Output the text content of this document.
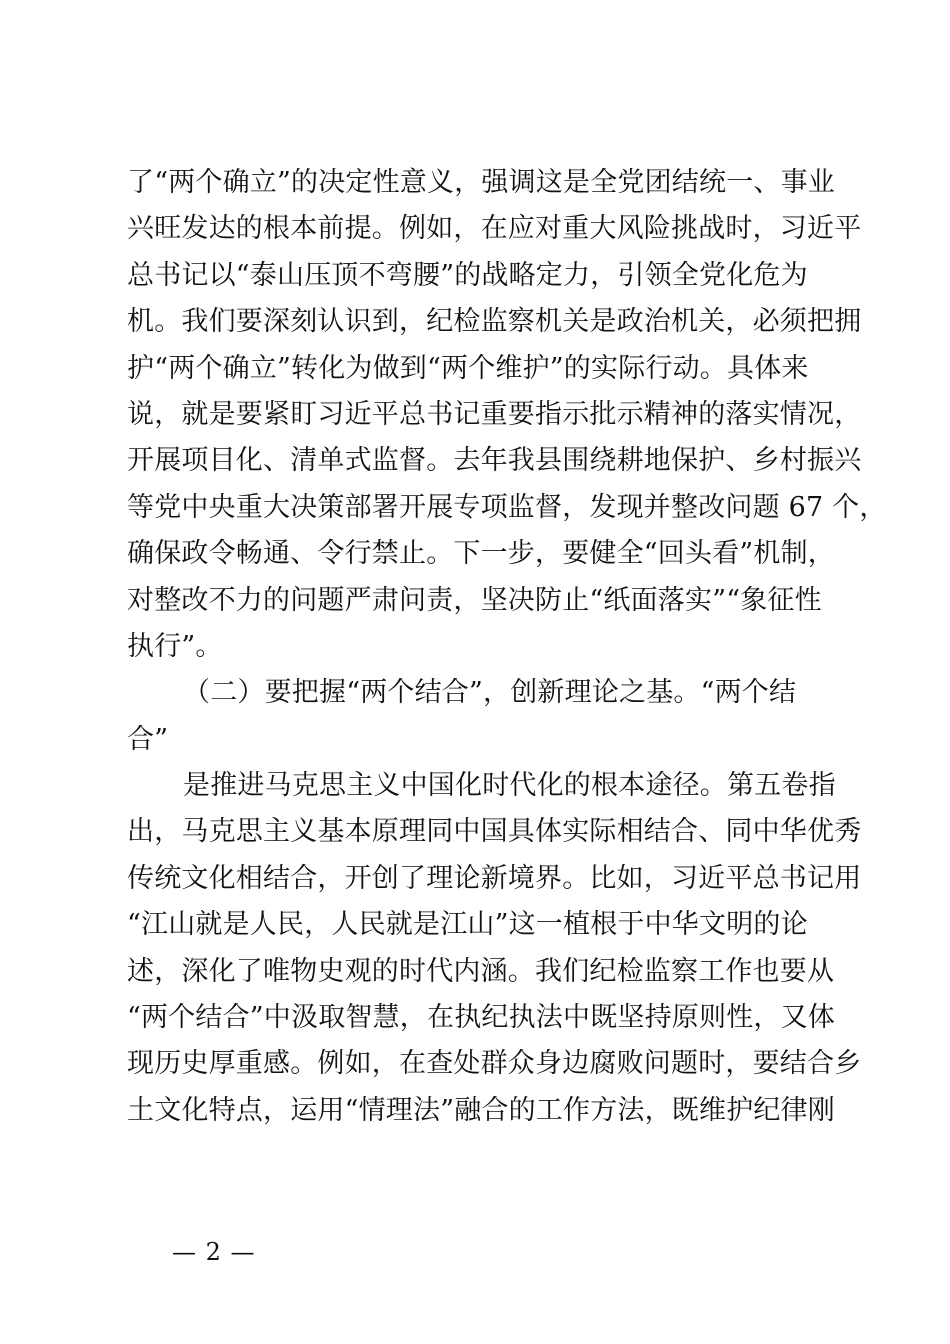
了“两个确立”的决定性意义，强调这是全党团结统一、事业
兴旺发达的根本前提。例如，在应对重大风险挑战时，习近平
总书记以“泰山压顶不弯腰”的战略定力，引领全党化危为
机。我们要深刻认识到，纪检监察机关是政治机关，必须把拥
护“两个确立”转化为做到“两个维护”的实际行动。具体来
说，就是要紧盯习近平总书记重要指示批示精神的落实情况，
开展项目化、清单式监督。去年我县围绕耕地保护、乡村振兴
等党中央重大决策部署开展专项监督，发现并整改问题 67 个，
确保政令畅通、令行禁止。下一步，要健全“回头看”机制，
对整改不力的问题严肃问责，坚决防止“纸面落实”“象征性
执行”。
（二）要把握“两个结合”，创新理论之基。“两个结
合”
是推进马克思主义中国化时代化的根本途径。第五卷指
出，马克思主义基本原理同中国具体实际相结合、同中华优秀
传统文化相结合，开创了理论新境界。比如，习近平总书记用
“江山就是人民，人民就是江山”这一植根于中华文明的论
述，深化了唯物史观的时代内涵。我们纪检监察工作也要从
“两个结合”中汲取智慧，在执纪执法中既坚持原则性，又体
现历史厚重感。例如，在查处群众身边腐败问题时，要结合乡
土文化特点，运用“情理法”融合的工作方法，既维护纪律刚
— 2 —
